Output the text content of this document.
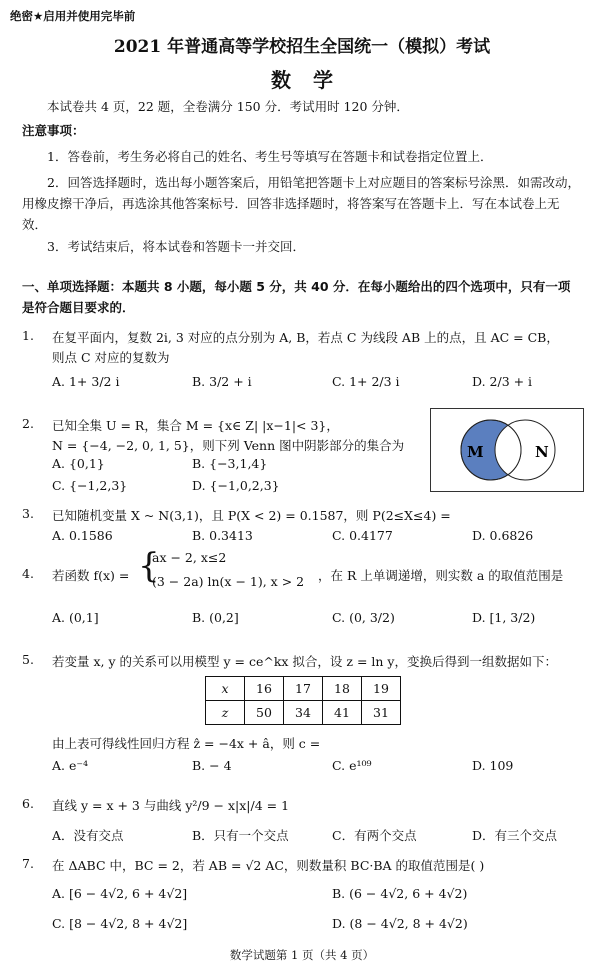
绝密★启用并使用完毕前
2021 年普通高等学校招生全国统一（模拟）考试
数学
本试卷共 4 页，22 题，全卷满分 150 分．考试用时 120 分钟．
注意事项：
1．答卷前，考生务必将自己的姓名、考生号等填写在答题卡和试卷指定位置上．
2．回答选择题时，选出每小题答案后，用铅笔把答题卡上对应题目的答案标号涂黑．如需改动，用橡皮擦干净后，再选涂其他答案标号．回答非选择题时，将答案写在答题卡上．写在本试卷上无效．
3．考试结束后，将本试卷和答题卡一并交回．
一、单项选择题：本题共 8 小题，每小题 5 分，共 40 分．在每小题给出的四个选项中，只有一项是符合题目要求的．
1. 在复平面内，复数 2i, 3 对应的点分别为 A, B，若点 C 为线段 AB 上的点，且 AC = CB，
则点 C 对应的复数为
A. 1+ 3/2 i	B. 3/2 + i	C. 1+ 2/3 i	D. 2/3 + i
2. 已知全集 U = R，集合 M = {x∈ Z| |x−1|< 3}，
N = {−4, −2, 0, 1, 5}，则下列 Venn 图中阴影部分的集合为
A. {0,1}	B. {−3,1,4}
C. {−1,2,3}	D. {−1,0,2,3}
M	N
3. 已知随机变量 X ~ N(3,1)，且 P(X < 2) = 0.1587，则 P(2≤X≤4) =
A. 0.1586	B. 0.3413	C. 0.4177	D. 0.6826
4. 若函数 f(x) = {
ax − 2, x≤2
(3 − 2a) ln(x − 1), x > 2 ，在 R 上单调递增，则实数 a 的取值范围是
A. (0,1]	B. (0,2]	C. (0, 3/2)	D. [1, 3/2)
5. 若变量 x, y 的关系可以用模型 y = ce^kx 拟合，设 z = ln y，变换后得到一组数据如下：
x	16	17	18	19
z	50	34	41	31
由上表可得线性回归方程 ẑ = −4x + â，则 c =
A. e⁻⁴	B. − 4	C. e¹⁰⁹	D. 109
6. 直线 y = x + 3 与曲线 y²/9 − x|x|/4 = 1
A．没有交点	B．只有一个交点	C．有两个交点	D．有三个交点
7. 在 ΔABC 中，BC = 2，若 AB = √2 AC，则数量积 BC·BA 的取值范围是( )
A. [6 − 4√2, 6 + 4√2]	B. (6 − 4√2, 6 + 4√2)
C. [8 − 4√2, 8 + 4√2]	D. (8 − 4√2, 8 + 4√2)
数学试题第 1 页（共 4 页）
